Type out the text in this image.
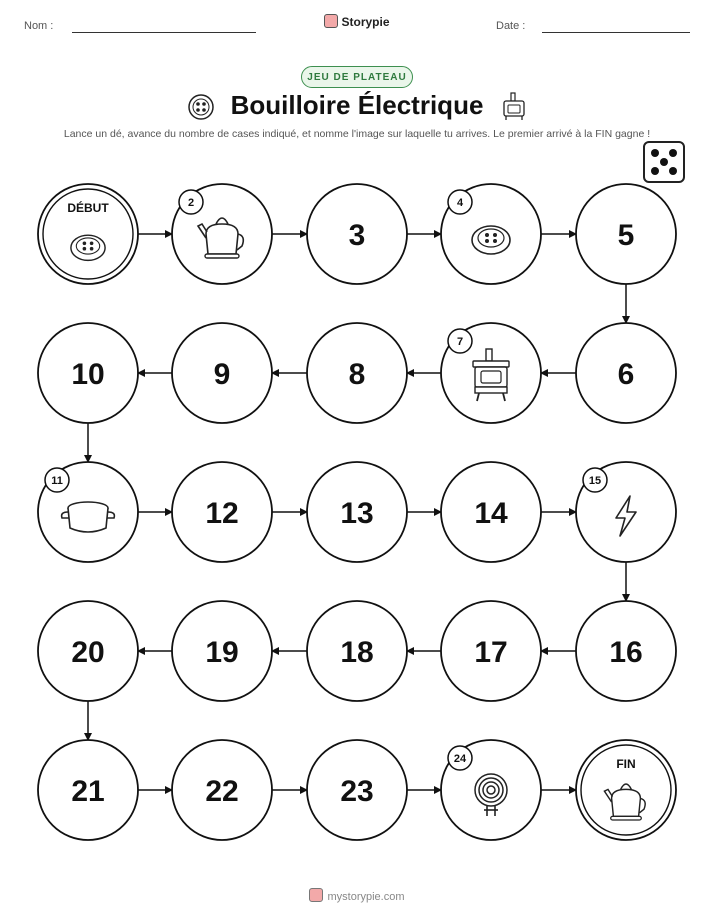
Nom :	Storypie	Date :
JEU DE PLATEAU
Bouilloire Électrique
Lance un dé, avance du nombre de cases indiqué, et nomme l'image sur laquelle tu arrives. Le premier arrivé à la FIN gagne !
DÉBUT	2
3
4
5
6
7
8
9
10
11
12	13	14
15
16
17
18
19
20
21	22	23
24	FIN
mystorypie.com
